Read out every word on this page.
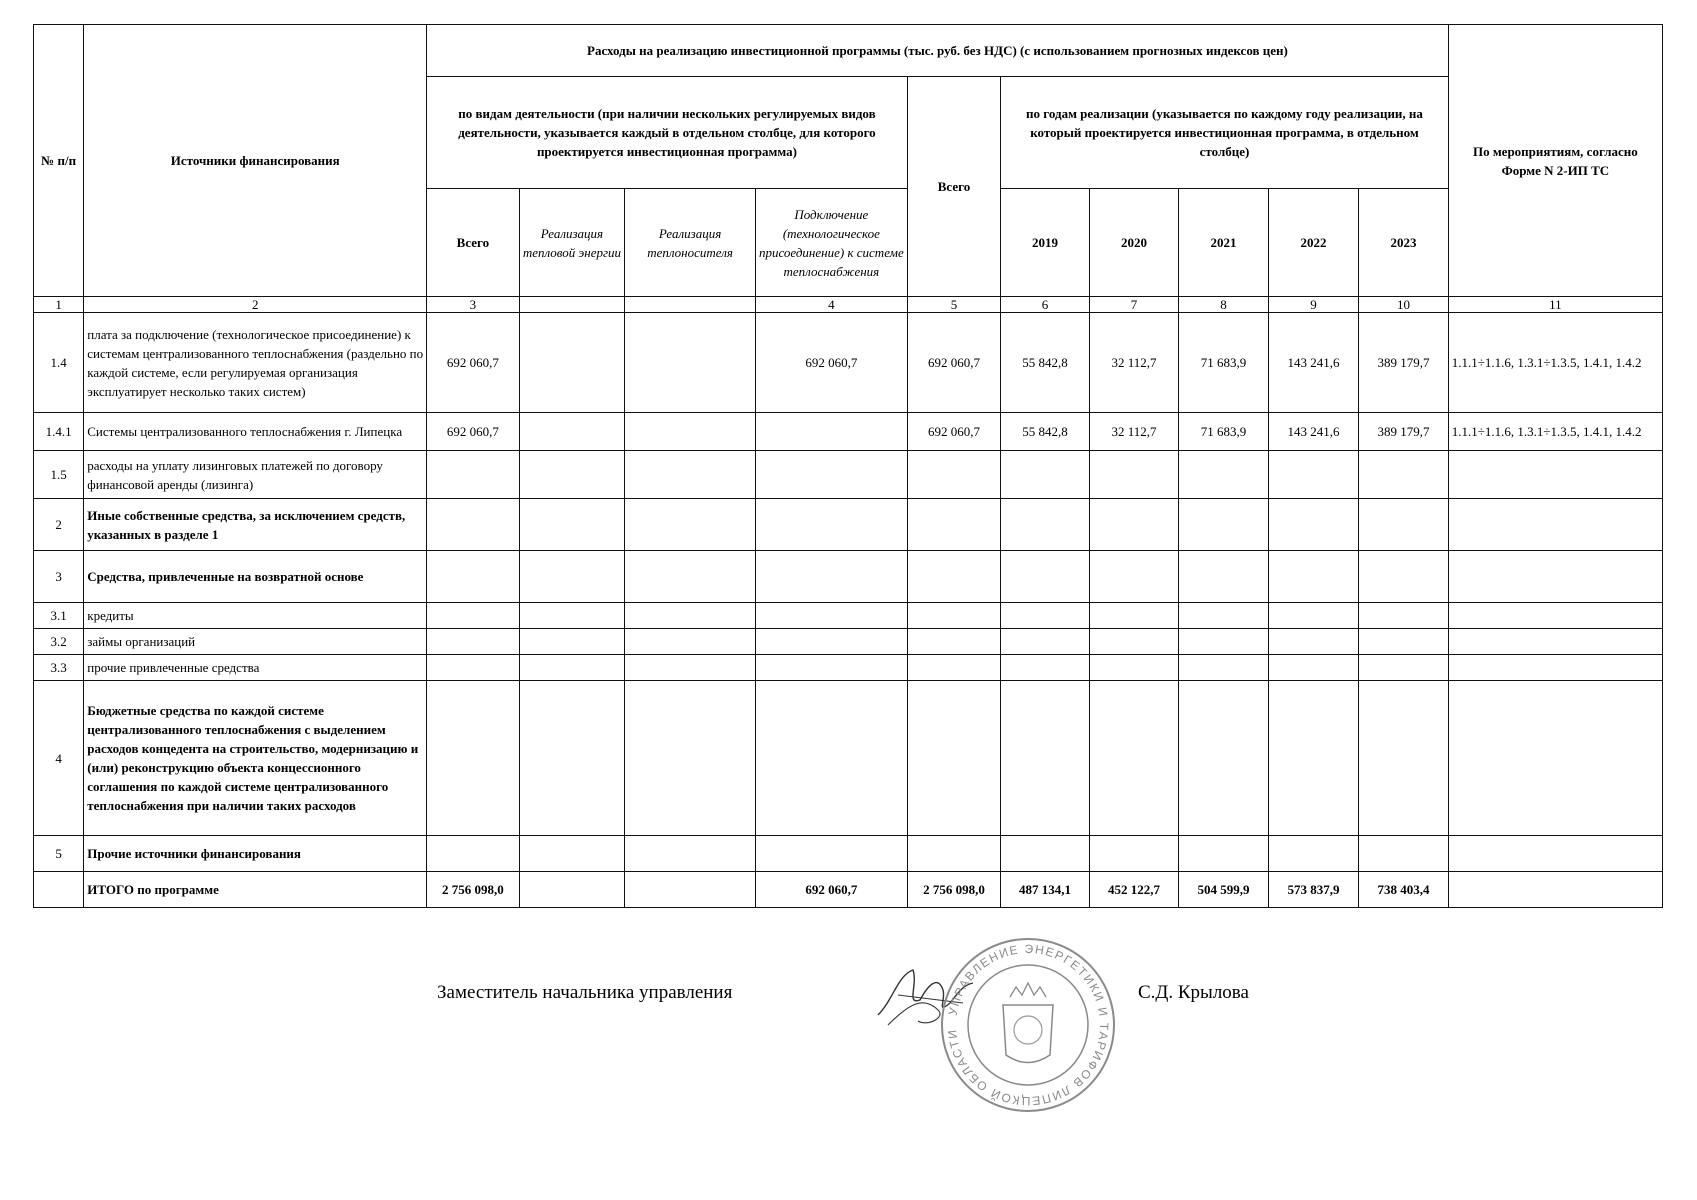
№ п/п	Источники финансирования	Расходы на реализацию инвестиционной программы (тыс. руб. без НДС) (с использованием прогнозных индексов цен)										По мероприятиям, согласно Форме N 2-ИП ТС
		по видам деятельности (при наличии нескольких регулируемых видов деятельности, указывается каждый в отдельном столбце, для которого проектируется инвестиционная программа)				Всего	по годам реализации (указывается по каждому году реализации, на который проектируется инвестиционная программа, в отдельном столбце)					
		Всего	Реализация тепловой энергии	Реализация теплоносителя	Подключение (технологическое присоединение) к системе теплоснабжения		2019	2020	2021	2022	2023	
1	2	3			4	5	6	7	8	9	10	11
1.4	плата за подключение (технологическое присоединение) к системам централизованного теплоснабжения (раздельно по каждой системе, если регулируемая организация эксплуатирует несколько таких систем)	692 060,7			692 060,7	692 060,7	55 842,8	32 112,7	71 683,9	143 241,6	389 179,7	1.1.1÷1.1.6, 1.3.1÷1.3.5, 1.4.1, 1.4.2
1.4.1	Системы централизованного теплоснабжения г. Липецка	692 060,7				692 060,7	55 842,8	32 112,7	71 683,9	143 241,6	389 179,7	1.1.1÷1.1.6, 1.3.1÷1.3.5, 1.4.1, 1.4.2
1.5	расходы на уплату лизинговых платежей по договору финансовой аренды (лизинга)											
2	Иные собственные средства, за исключением средств, указанных в разделе 1											
3	Средства, привлеченные на возвратной основе											
3.1	кредиты											
3.2	займы организаций											
3.3	прочие привлеченные средства											
4	Бюджетные средства по каждой системе централизованного теплоснабжения с выделением расходов концедента на строительство, модернизацию и (или) реконструкцию объекта концессионного соглашения по каждой системе централизованного теплоснабжения при наличии таких расходов											
5	Прочие источники финансирования											
	ИТОГО по программе	2 756 098,0			692 060,7	2 756 098,0	487 134,1	452 122,7	504 599,9	573 837,9	738 403,4	
Заместитель начальника управления	С.Д. Крылова
УПРАВЛЕНИЕ ЭНЕРГЕТИКИ И ТАРИФОВ ЛИПЕЦКОЙ ОБЛАСТИ
